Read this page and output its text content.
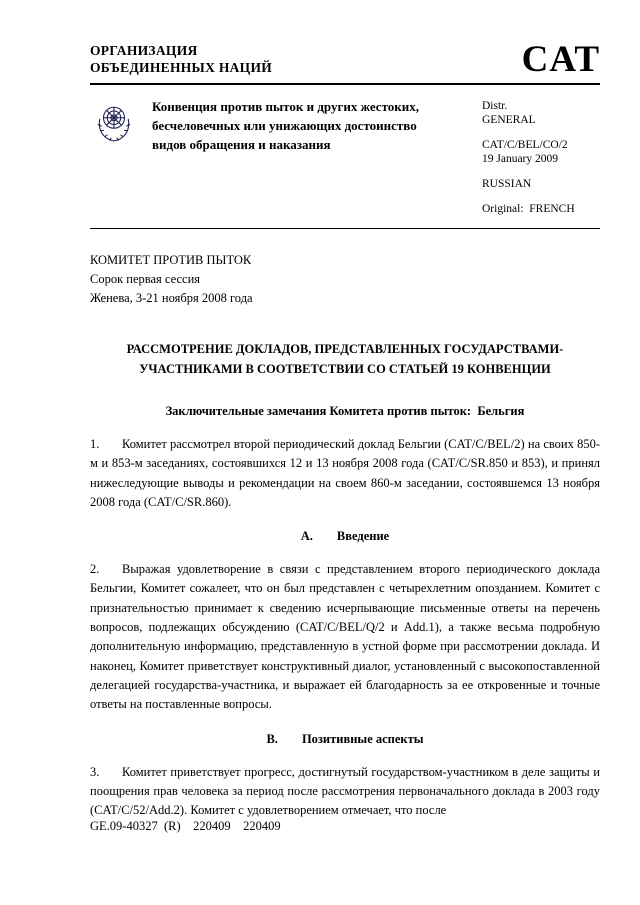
ОРГАНИЗАЦИЯ
ОБЪЕДИНЕННЫХ НАЦИЙ	CAT
Конвенция против пыток и других жестоких, бесчеловечных или унижающих достоинство видов обращения и наказания
Distr.
GENERAL
CAT/C/BEL/CO/2
19 January 2009
RUSSIAN
Original:  FRENCH
КОМИТЕТ ПРОТИВ ПЫТОК
Сорок первая сессия
Женева, 3-21 ноября 2008 года
РАССМОТРЕНИЕ ДОКЛАДОВ, ПРЕДСТАВЛЕННЫХ ГОСУДАРСТВАМИ-УЧАСТНИКАМИ В СООТВЕТСТВИИ СО СТАТЬЕЙ 19 КОНВЕНЦИИ
Заключительные замечания Комитета против пыток:  Бельгия

1. Комитет рассмотрел второй периодический доклад Бельгии (CAT/C/BEL/2) на своих 850-м и 853-м заседаниях, состоявшихся 12 и 13 ноября 2008 года (CAT/C/SR.850 и 853), и принял нижеследующие выводы и рекомендации на своем 860-м заседании, состоявшемся 13 ноября 2008 года (CAT/C/SR.860).

A. Введение

2. Выражая удовлетворение в связи с представлением второго периодического доклада Бельгии, Комитет сожалеет, что он был представлен с четырехлетним опозданием. Комитет с признательностью принимает к сведению исчерпывающие письменные ответы на перечень вопросов, подлежащих обсуждению (CAT/C/BEL/Q/2 и Add.1), а также весьма подробную дополнительную информацию, представленную в устной форме при рассмотрении доклада. И наконец, Комитет приветствует конструктивный диалог, установленный с высокопоставленной делегацией государства-участника, и выражает ей благодарность за ее откровенные и точные ответы на поставленные вопросы.

B. Позитивные аспекты

3. Комитет приветствует прогресс, достигнутый государством-участником в деле защиты и поощрения прав человека за период после рассмотрения первоначального доклада в 2003 году (CAT/C/52/Add.2). Комитет с удовлетворением отмечает, что после

GE.09-40327  (R)    220409    220409
